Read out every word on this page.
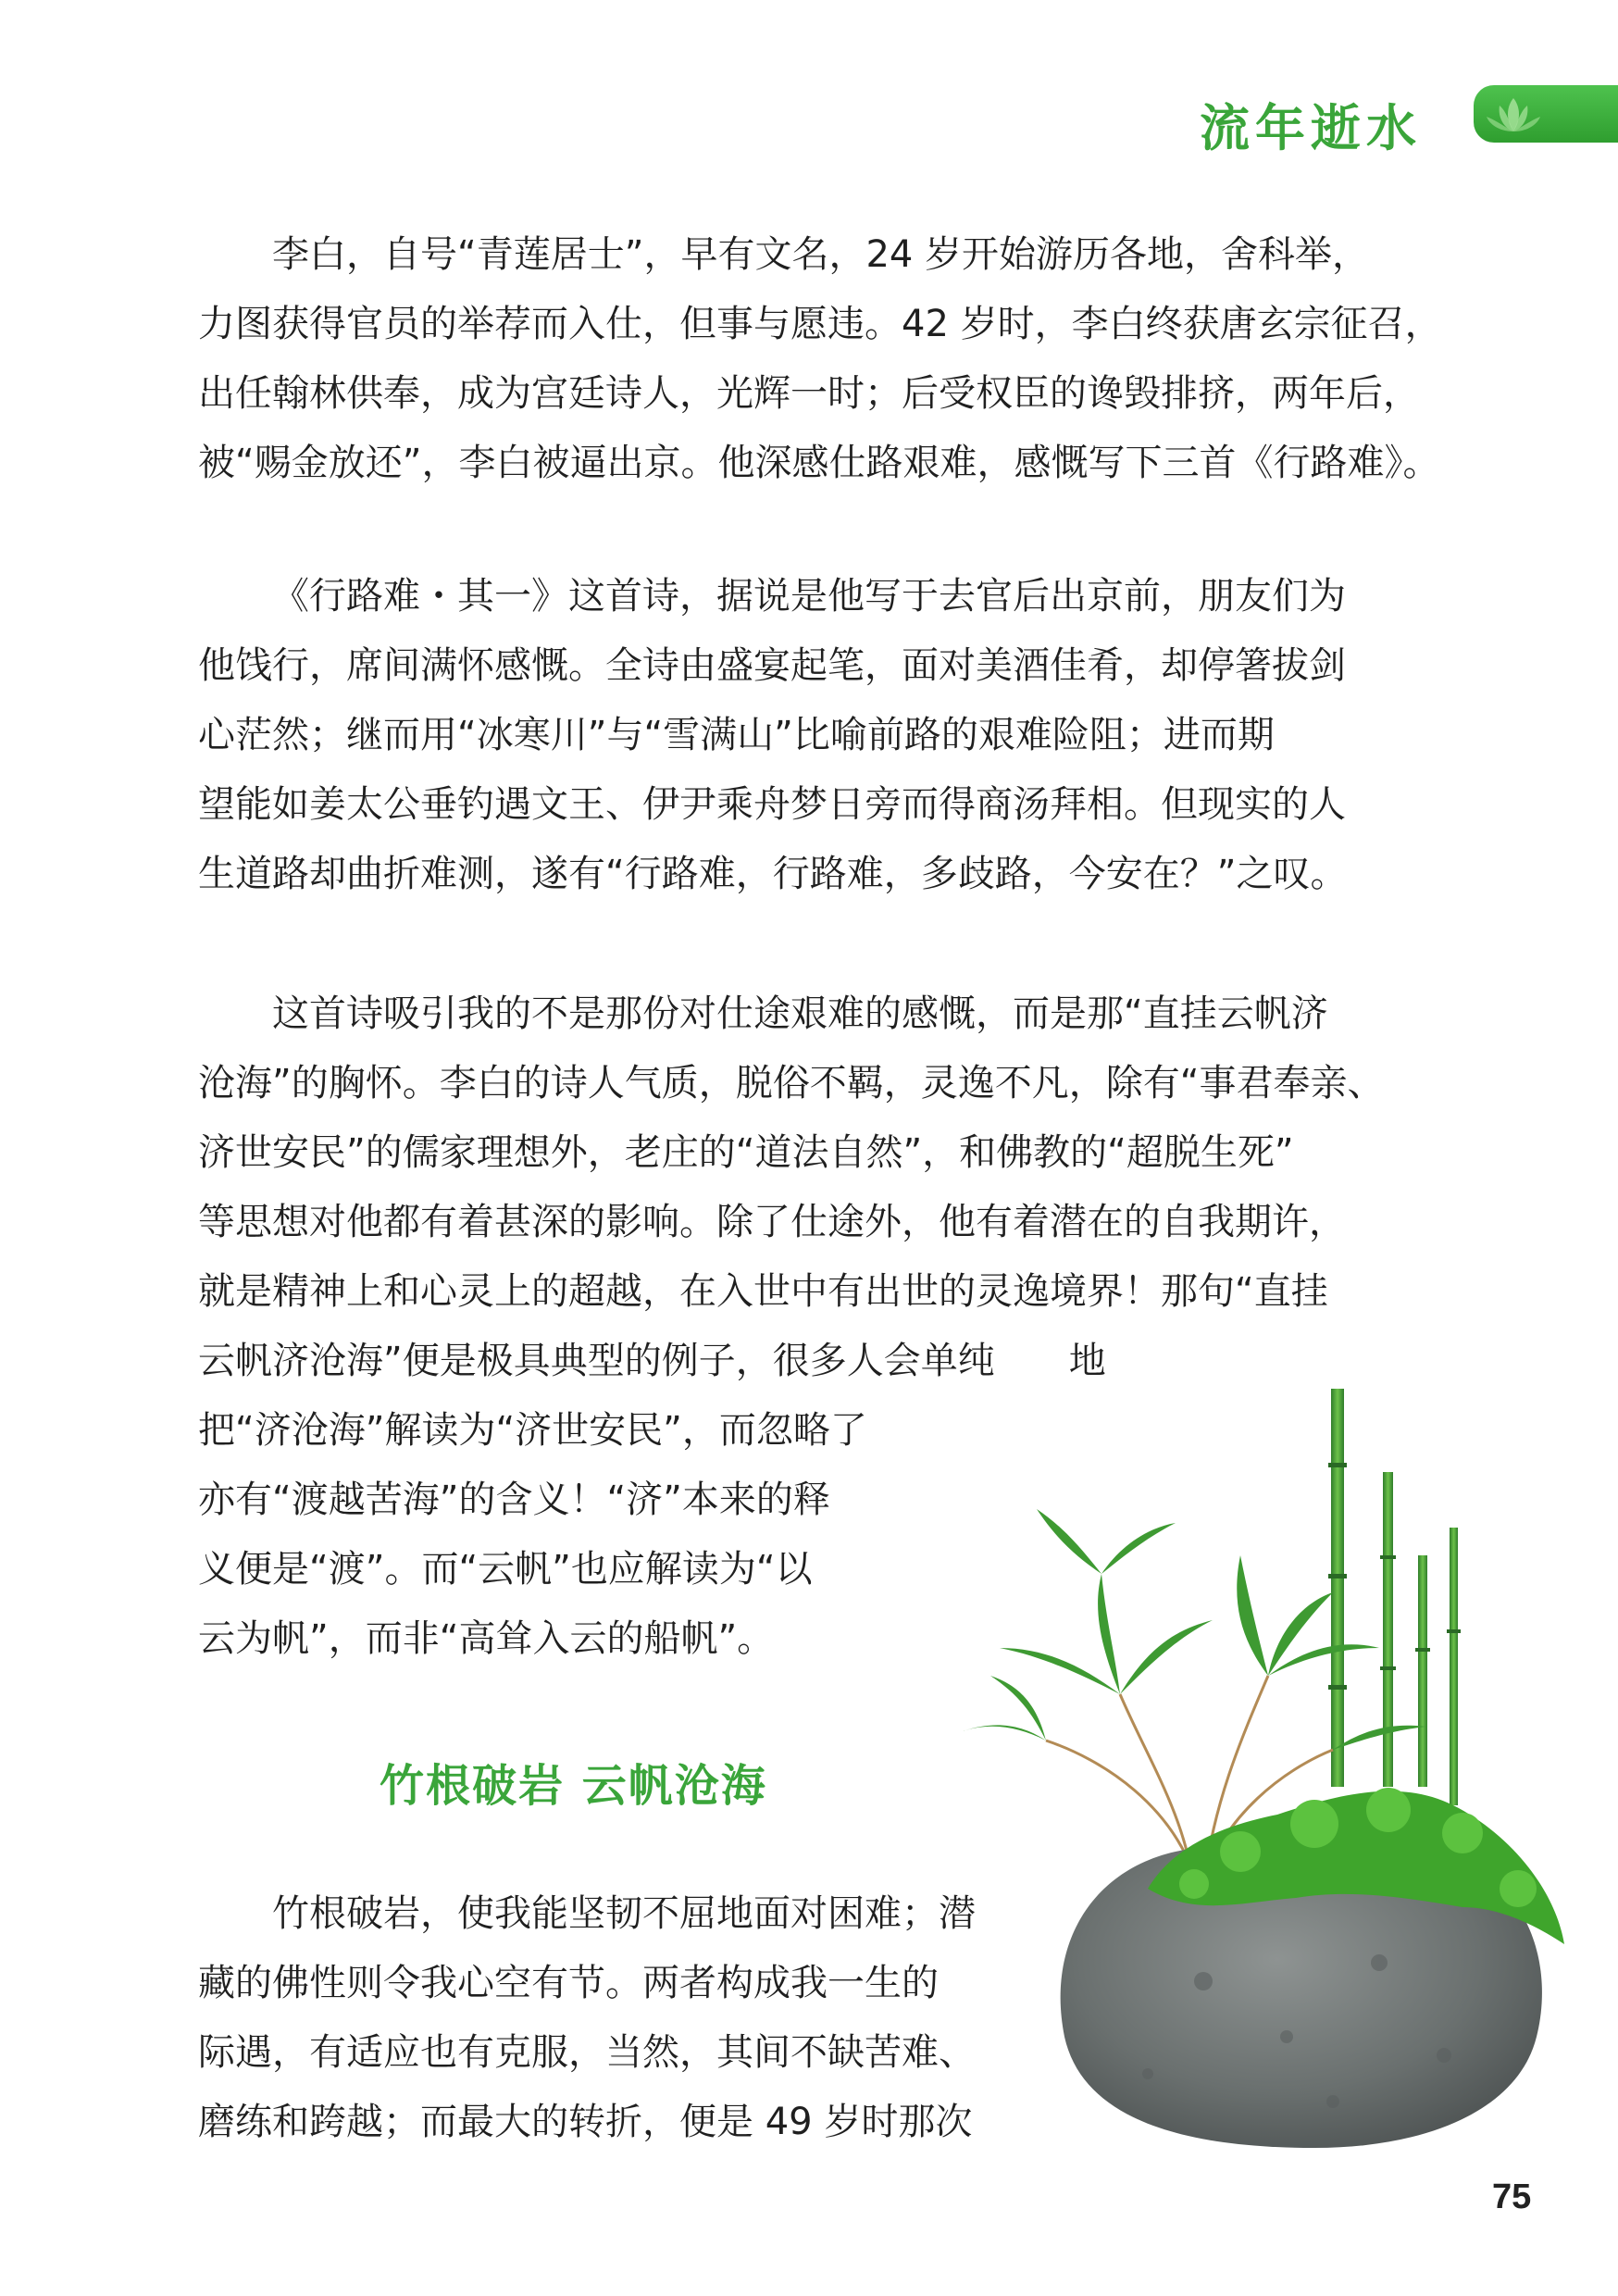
流年逝水

李白，自号“青莲居士”，早有文名，24 岁开始游历各地，舍科举，
力图获得官员的举荐而入仕，但事与愿违。42 岁时，李白终获唐玄宗征召，
出任翰林供奉，成为宫廷诗人，光辉一时；后受权臣的谗毁排挤，两年后，
被“赐金放还”，李白被逼出京。他深感仕路艰难，感慨写下三首《行路难》。

《行路难・其一》这首诗，据说是他写于去官后出京前，朋友们为
他饯行，席间满怀感慨。全诗由盛宴起笔，面对美酒佳肴，却停箸拔剑
心茫然；继而用“冰寒川”与“雪满山”比喻前路的艰难险阻；进而期
望能如姜太公垂钓遇文王、伊尹乘舟梦日旁而得商汤拜相。但现实的人
生道路却曲折难测，遂有“行路难，行路难，多歧路，今安在？”之叹。

这首诗吸引我的不是那份对仕途艰难的感慨，而是那“直挂云帆济
沧海”的胸怀。李白的诗人气质，脱俗不羁，灵逸不凡，除有“事君奉亲、
济世安民”的儒家理想外，老庄的“道法自然”，和佛教的“超脱生死”
等思想对他都有着甚深的影响。除了仕途外，他有着潜在的自我期许，
就是精神上和心灵上的超越，在入世中有出世的灵逸境界！那句“直挂
云帆济沧海”便是极具典型的例子，很多人会单纯　　地
把“济沧海”解读为“济世安民”，而忽略了
亦有“渡越苦海”的含义！“济”本来的释
义便是“渡”。而“云帆”也应解读为“以
云为帆”，而非“高耸入云的船帆”。

竹根破岩 云帆沧海

竹根破岩，使我能坚韧不屈地面对困难；潜
藏的佛性则令我心空有节。两者构成我一生的
际遇，有适应也有克服，当然，其间不缺苦难、
磨练和跨越；而最大的转折，便是 49 岁时那次

75
